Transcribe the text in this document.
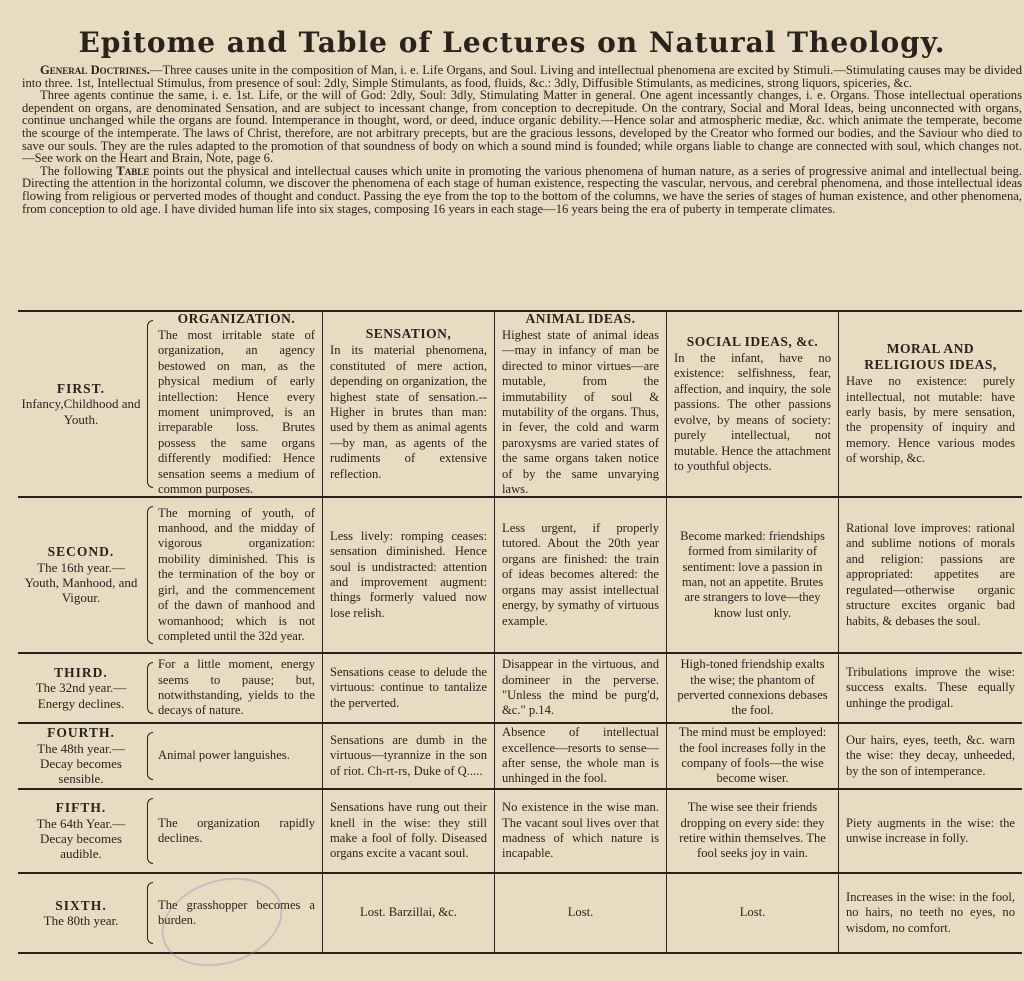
Epitome and Table of Lectures on Natural Theology.

General Doctrines.—Three causes unite in the composition of Man, i. e. Life Organs, and Soul. Living and intellectual phenomena are excited by Stimuli.—Stimulating causes may be divided into three. 1st, Intellectual Stimulus, from presence of soul: 2dly, Simple Stimulants, as food, fluids, &c.: 3dly, Diffusible Stimulants, as medicines, strong liquors, spiceries, &c.

Three agents continue the same, i. e. 1st. Life, or the will of God: 2dly, Soul: 3dly, Stimulating Matter in general. One agent incessantly changes, i. e. Organs. Those intellectual operations dependent on organs, are denominated Sensation, and are subject to incessant change, from conception to decrepitude. On the contrary, Social and Moral Ideas, being unconnected with organs, continue unchanged while the organs are found. Intemperance in thought, word, or deed, induce organic debility.—Hence solar and atmospheric mediæ, &c. which animate the temperate, become the scourge of the intemperate. The laws of Christ, therefore, are not arbitrary precepts, but are the gracious lessons, developed by the Creator who formed our bodies, and the Saviour who died to save our souls. They are the rules adapted to the promotion of that soundness of body on which a sound mind is founded; while organs liable to change are connected with soul, which changes not. —See work on the Heart and Brain, Note, page 6.

The following Table points out the physical and intellectual causes which unite in promoting the various phenomena of human nature, as a series of progressive animal and intellectual being. Directing the attention in the horizontal column, we discover the phenomena of each stage of human existence, respecting the vascular, nervous, and cerebral phenomena, and those intellectual ideas flowing from religious or perverted modes of thought and conduct. Passing the eye from the top to the bottom of the columns, we have the series of stages of human existence, and other phenomena, from conception to old age. I have divided human life into six stages, composing 16 years in each stage—16 years being the era of puberty in temperate climates.

FIRST.
Infancy,Childhood and Youth.
ORGANIZATION.
The most irritable state of organization, an agency bestowed on man, as the physical medium of early intellection: Hence every moment unimproved, is an irreparable loss. Brutes possess the same organs differently modified: Hence sensation seems a medium of common purposes.
SENSATION,
In its material phenomena, constituted of mere action, depending on organization, the highest state of sensation.--Higher in brutes than man: used by them as animal agents—by man, as agents of the rudiments of extensive reflection.
ANIMAL IDEAS.
Highest state of animal ideas—may in infancy of man be directed to minor virtues—are mutable, from the immutability of soul & mutability of the organs. Thus, in fever, the cold and warm paroxysms are varied states of the same organs taken notice of by the same unvarying laws.
SOCIAL IDEAS, &c.
In the infant, have no existence: selfishness, fear, affection, and inquiry, the sole passions. The other passions evolve, by means of society: purely intellectual, not mutable. Hence the attachment to youthful objects.
MORAL AND RELIGIOUS IDEAS,
Have no existence: purely intellectual, not mutable: have early basis, by mere sensation, the propensity of inquiry and memory. Hence various modes of worship, &c.
SECOND.
The 16th year.— Youth, Manhood, and Vigour.
The morning of youth, of manhood, and the midday of vigorous organization: mobility diminished. This is the termination of the boy or girl, and the commencement of the dawn of manhood and womanhood; which is not completed until the 32d year.
Less lively: romping ceases: sensation diminished. Hence soul is undistracted: attention and improvement augment: things formerly valued now lose relish.
Less urgent, if properly tutored. About the 20th year organs are finished: the train of ideas becomes altered: the organs may assist intellectual energy, by symathy of virtuous example.
Become marked: friendships formed from similarity of sentiment: love a passion in man, not an appetite. Brutes are strangers to love—they know lust only.
Rational love improves: rational and sublime notions of morals and religion: passions are appropriated: appetites are regulated—otherwise organic structure excites organic bad habits, & debases the soul.
THIRD.
The 32nd year.— Energy declines.
For a little moment, energy seems to pause; but, notwithstanding, yields to the decays of nature.
Sensations cease to delude the virtuous: continue to tantalize the perverted.
Disappear in the virtuous, and domineer in the perverse. "Unless the mind be purg'd, &c." p.14.
High-toned friendship exalts the wise; the phantom of perverted connexions debases the fool.
Tribulations improve the wise: success exalts. These equally unhinge the prodigal.
FOURTH.
The 48th year.— Decay becomes sensible.
Animal power languishes.
Sensations are dumb in the virtuous—tyrannize in the son of riot. Ch-rt-rs, Duke of Q.....
Absence of intellectual excellence—resorts to sense—after sense, the whole man is unhinged in the fool.
The mind must be employed: the fool increases folly in the company of fools—the wise become wiser.
Our hairs, eyes, teeth, &c. warn the wise: they decay, unheeded, by the son of intemperance.
FIFTH.
The 64th Year.— Decay becomes audible.
The organization rapidly declines.
Sensations have rung out their knell in the wise: they still make a fool of folly. Diseased organs excite a vacant soul.
No existence in the wise man. The vacant soul lives over that madness of which nature is incapable.
The wise see their friends dropping on every side: they retire within themselves. The fool seeks joy in vain.
Piety augments in the wise: the unwise increase in folly.
SIXTH.
The 80th year.
The grasshopper becomes a burden.
Lost. Barzillai, &c.	Lost.	Lost.
Increases in the wise: in the fool, no hairs, no teeth no eyes, no wisdom, no comfort.
